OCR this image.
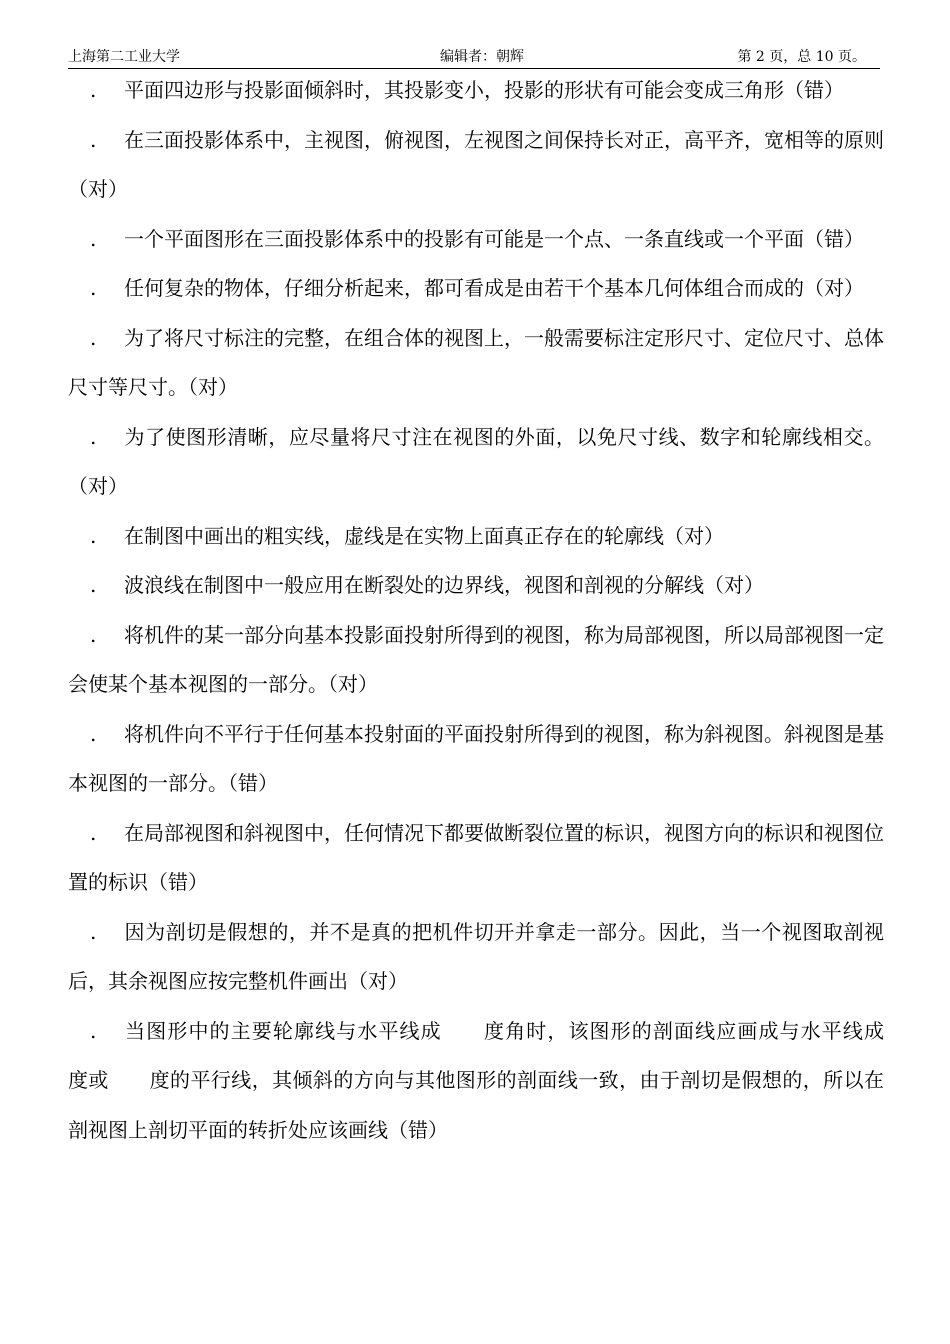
上海第二工业大学	编辑者：朝辉	第 2 页，总 10 页。

. 平面四边形与投影面倾斜时，其投影变小，投影的形状有可能会变成三角形（错）

. 在三面投影体系中，主视图，俯视图，左视图之间保持长对正，高平齐，宽相等的原则（对）

. 一个平面图形在三面投影体系中的投影有可能是一个点、一条直线或一个平面（错）

. 任何复杂的物体，仔细分析起来，都可看成是由若干个基本几何体组合而成的（对）

. 为了将尺寸标注的完整，在组合体的视图上，一般需要标注定形尺寸、定位尺寸、总体尺寸等尺寸。（对）

. 为了使图形清晰，应尽量将尺寸注在视图的外面，以免尺寸线、数字和轮廓线相交。（对）

. 在制图中画出的粗实线，虚线是在实物上面真正存在的轮廓线（对）

. 波浪线在制图中一般应用在断裂处的边界线，视图和剖视的分解线（对）

. 将机件的某一部分向基本投影面投射所得到的视图，称为局部视图，所以局部视图一定会使某个基本视图的一部分。（对）

. 将机件向不平行于任何基本投射面的平面投射所得到的视图，称为斜视图。斜视图是基本视图的一部分。（错）

. 在局部视图和斜视图中，任何情况下都要做断裂位置的标识，视图方向的标识和视图位置的标识（错）

. 因为剖切是假想的，并不是真的把机件切开并拿走一部分。因此，当一个视图取剖视后，其余视图应按完整机件画出（对）

. 当图形中的主要轮廓线与水平线成　　度角时，该图形的剖面线应画成与水平线成　　度或　　度的平行线，其倾斜的方向与其他图形的剖面线一致，由于剖切是假想的，所以在剖视图上剖切平面的转折处应该画线（错）
